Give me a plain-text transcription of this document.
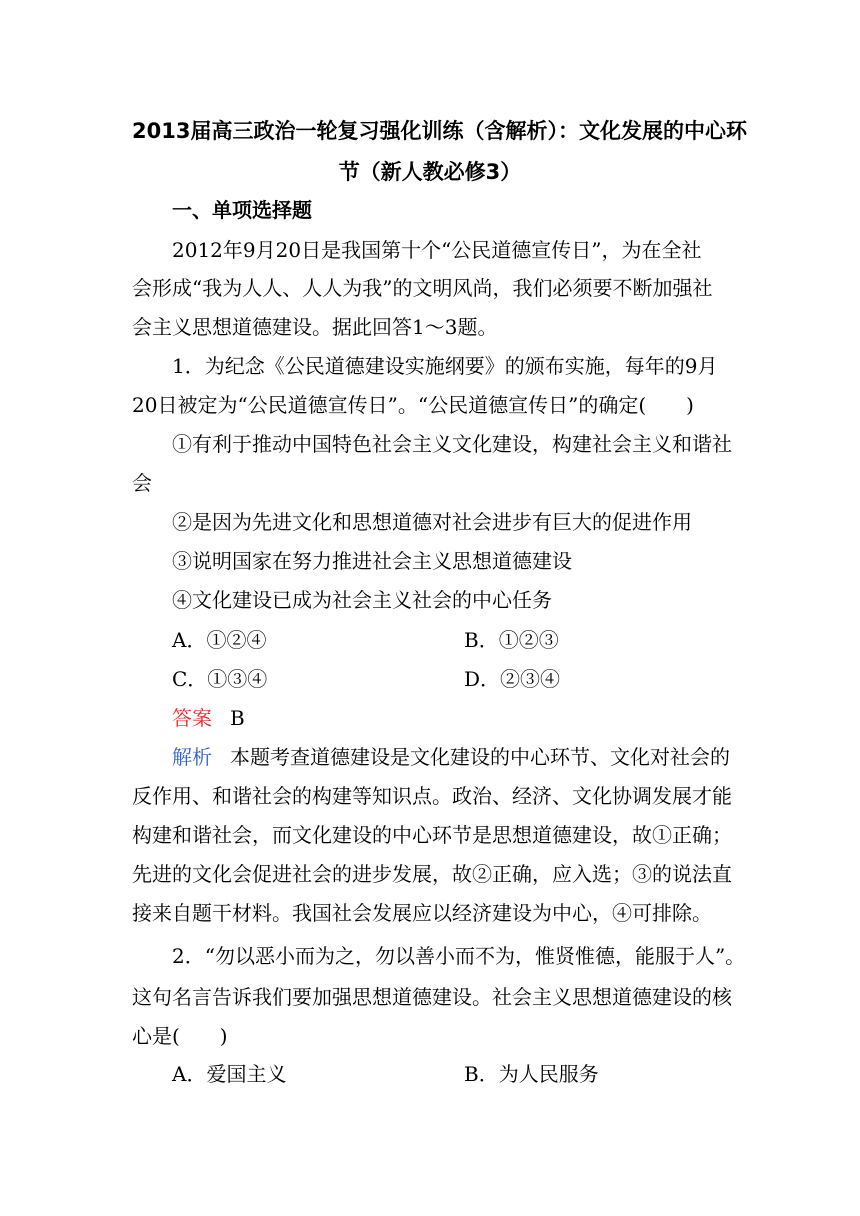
2013届高三政治一轮复习强化训练（含解析）：文化发展的中心环
节（新人教必修3）
一、单项选择题
2012年9月20日是我国第十个“公民道德宣传日”，为在全社
会形成“我为人人、人人为我”的文明风尚，我们必须要不断加强社
会主义思想道德建设。据此回答1～3题。
1．为纪念《公民道德建设实施纲要》的颁布实施，每年的9月
20日被定为“公民道德宣传日”。“公民道德宣传日”的确定(　　)
①有利于推动中国特色社会主义文化建设，构建社会主义和谐社
会
②是因为先进文化和思想道德对社会进步有巨大的促进作用
③说明国家在努力推进社会主义思想道德建设
④文化建设已成为社会主义社会的中心任务
A．①②④	B．①②③
C．①③④	D．②③④
答案 B
解析 本题考查道德建设是文化建设的中心环节、文化对社会的
反作用、和谐社会的构建等知识点。政治、经济、文化协调发展才能
构建和谐社会，而文化建设的中心环节是思想道德建设，故①正确；
先进的文化会促进社会的进步发展，故②正确，应入选；③的说法直
接来自题干材料。我国社会发展应以经济建设为中心，④可排除。
2．“勿以恶小而为之，勿以善小而不为，惟贤惟德，能服于人”。
这句名言告诉我们要加强思想道德建设。社会主义思想道德建设的核
心是(　　)
A．爱国主义	B．为人民服务
